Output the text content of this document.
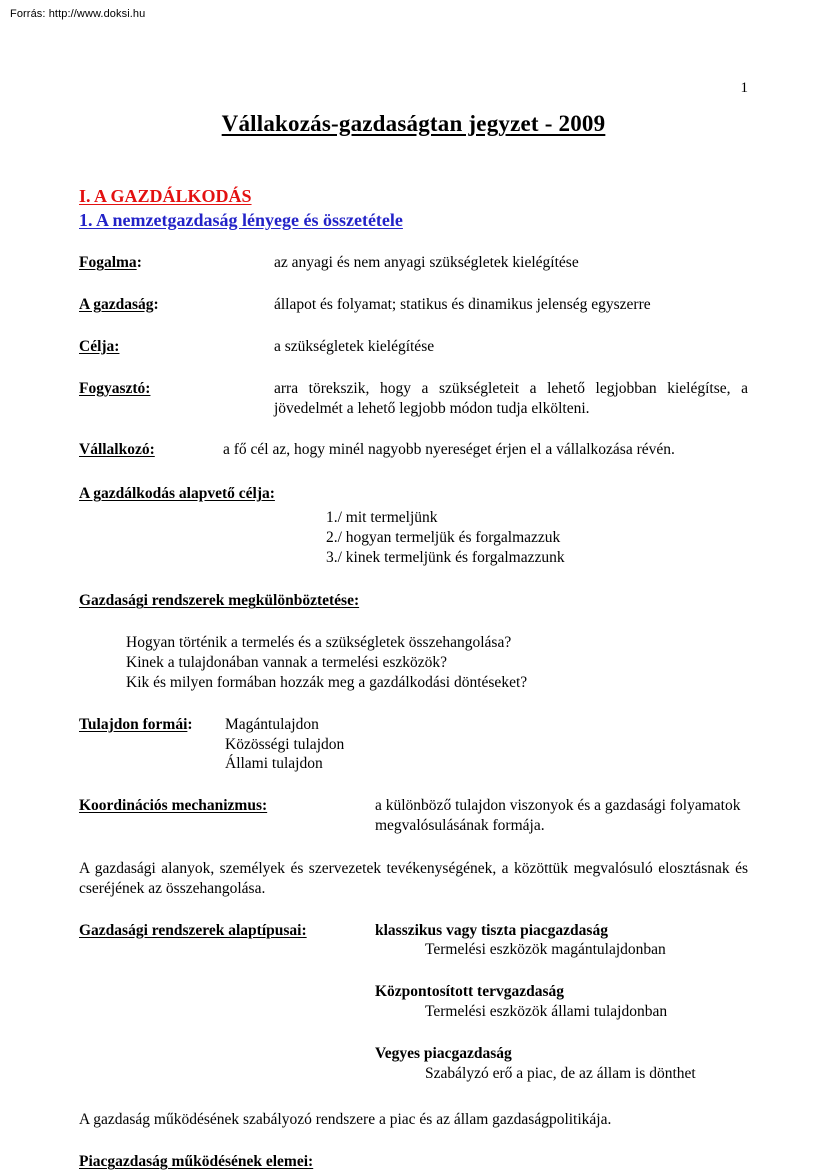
Forrás: http://www.doksi.hu
1
Vállakozás-gazdaságtan jegyzet - 2009
I. A GAZDÁLKODÁS
1. A nemzetgazdaság lényege és összetétele
Fogalma:	az anyagi és nem anyagi szükségletek kielégítése
A gazdaság:	állapot és folyamat; statikus és dinamikus jelenség egyszerre
Célja:	a szükségletek kielégítése
Fogyasztó:	arra törekszik, hogy a szükségleteit a lehető legjobban kielégítse, a jövedelmét a lehető legjobb módon tudja elkölteni.
Vállalkozó:	a fő cél az, hogy minél nagyobb nyereséget érjen el a vállalkozása révén.
A gazdálkodás alapvető célja:
1./ mit termeljünk
2./ hogyan termeljük és forgalmazzuk
3./ kinek termeljünk és forgalmazzunk
Gazdasági rendszerek megkülönböztetése:
Hogyan történik a termelés és a szükségletek összehangolása?
Kinek a tulajdonában vannak a termelési eszközök?
Kik és milyen formában hozzák meg a gazdálkodási döntéseket?
Tulajdon formái: Magántulajdon
Közösségi tulajdon
Állami tulajdon
Koordinációs mechanizmus:	a különböző tulajdon viszonyok és a gazdasági folyamatok megvalósulásának formája.
A gazdasági alanyok, személyek és szervezetek tevékenységének, a közöttük megvalósuló elosztásnak és cseréjének az összehangolása.
Gazdasági rendszerek alaptípusai:	klasszikus vagy tiszta piacgazdaság
Termelési eszközök magántulajdonban
Központosított tervgazdaság
Termelési eszközök állami tulajdonban
Vegyes piacgazdaság
Szabályzó erő a piac, de az állam is dönthet
A gazdaság működésének szabályozó rendszere a piac és az állam gazdaságpolitikája.
Piacgazdaság működésének elemei:
